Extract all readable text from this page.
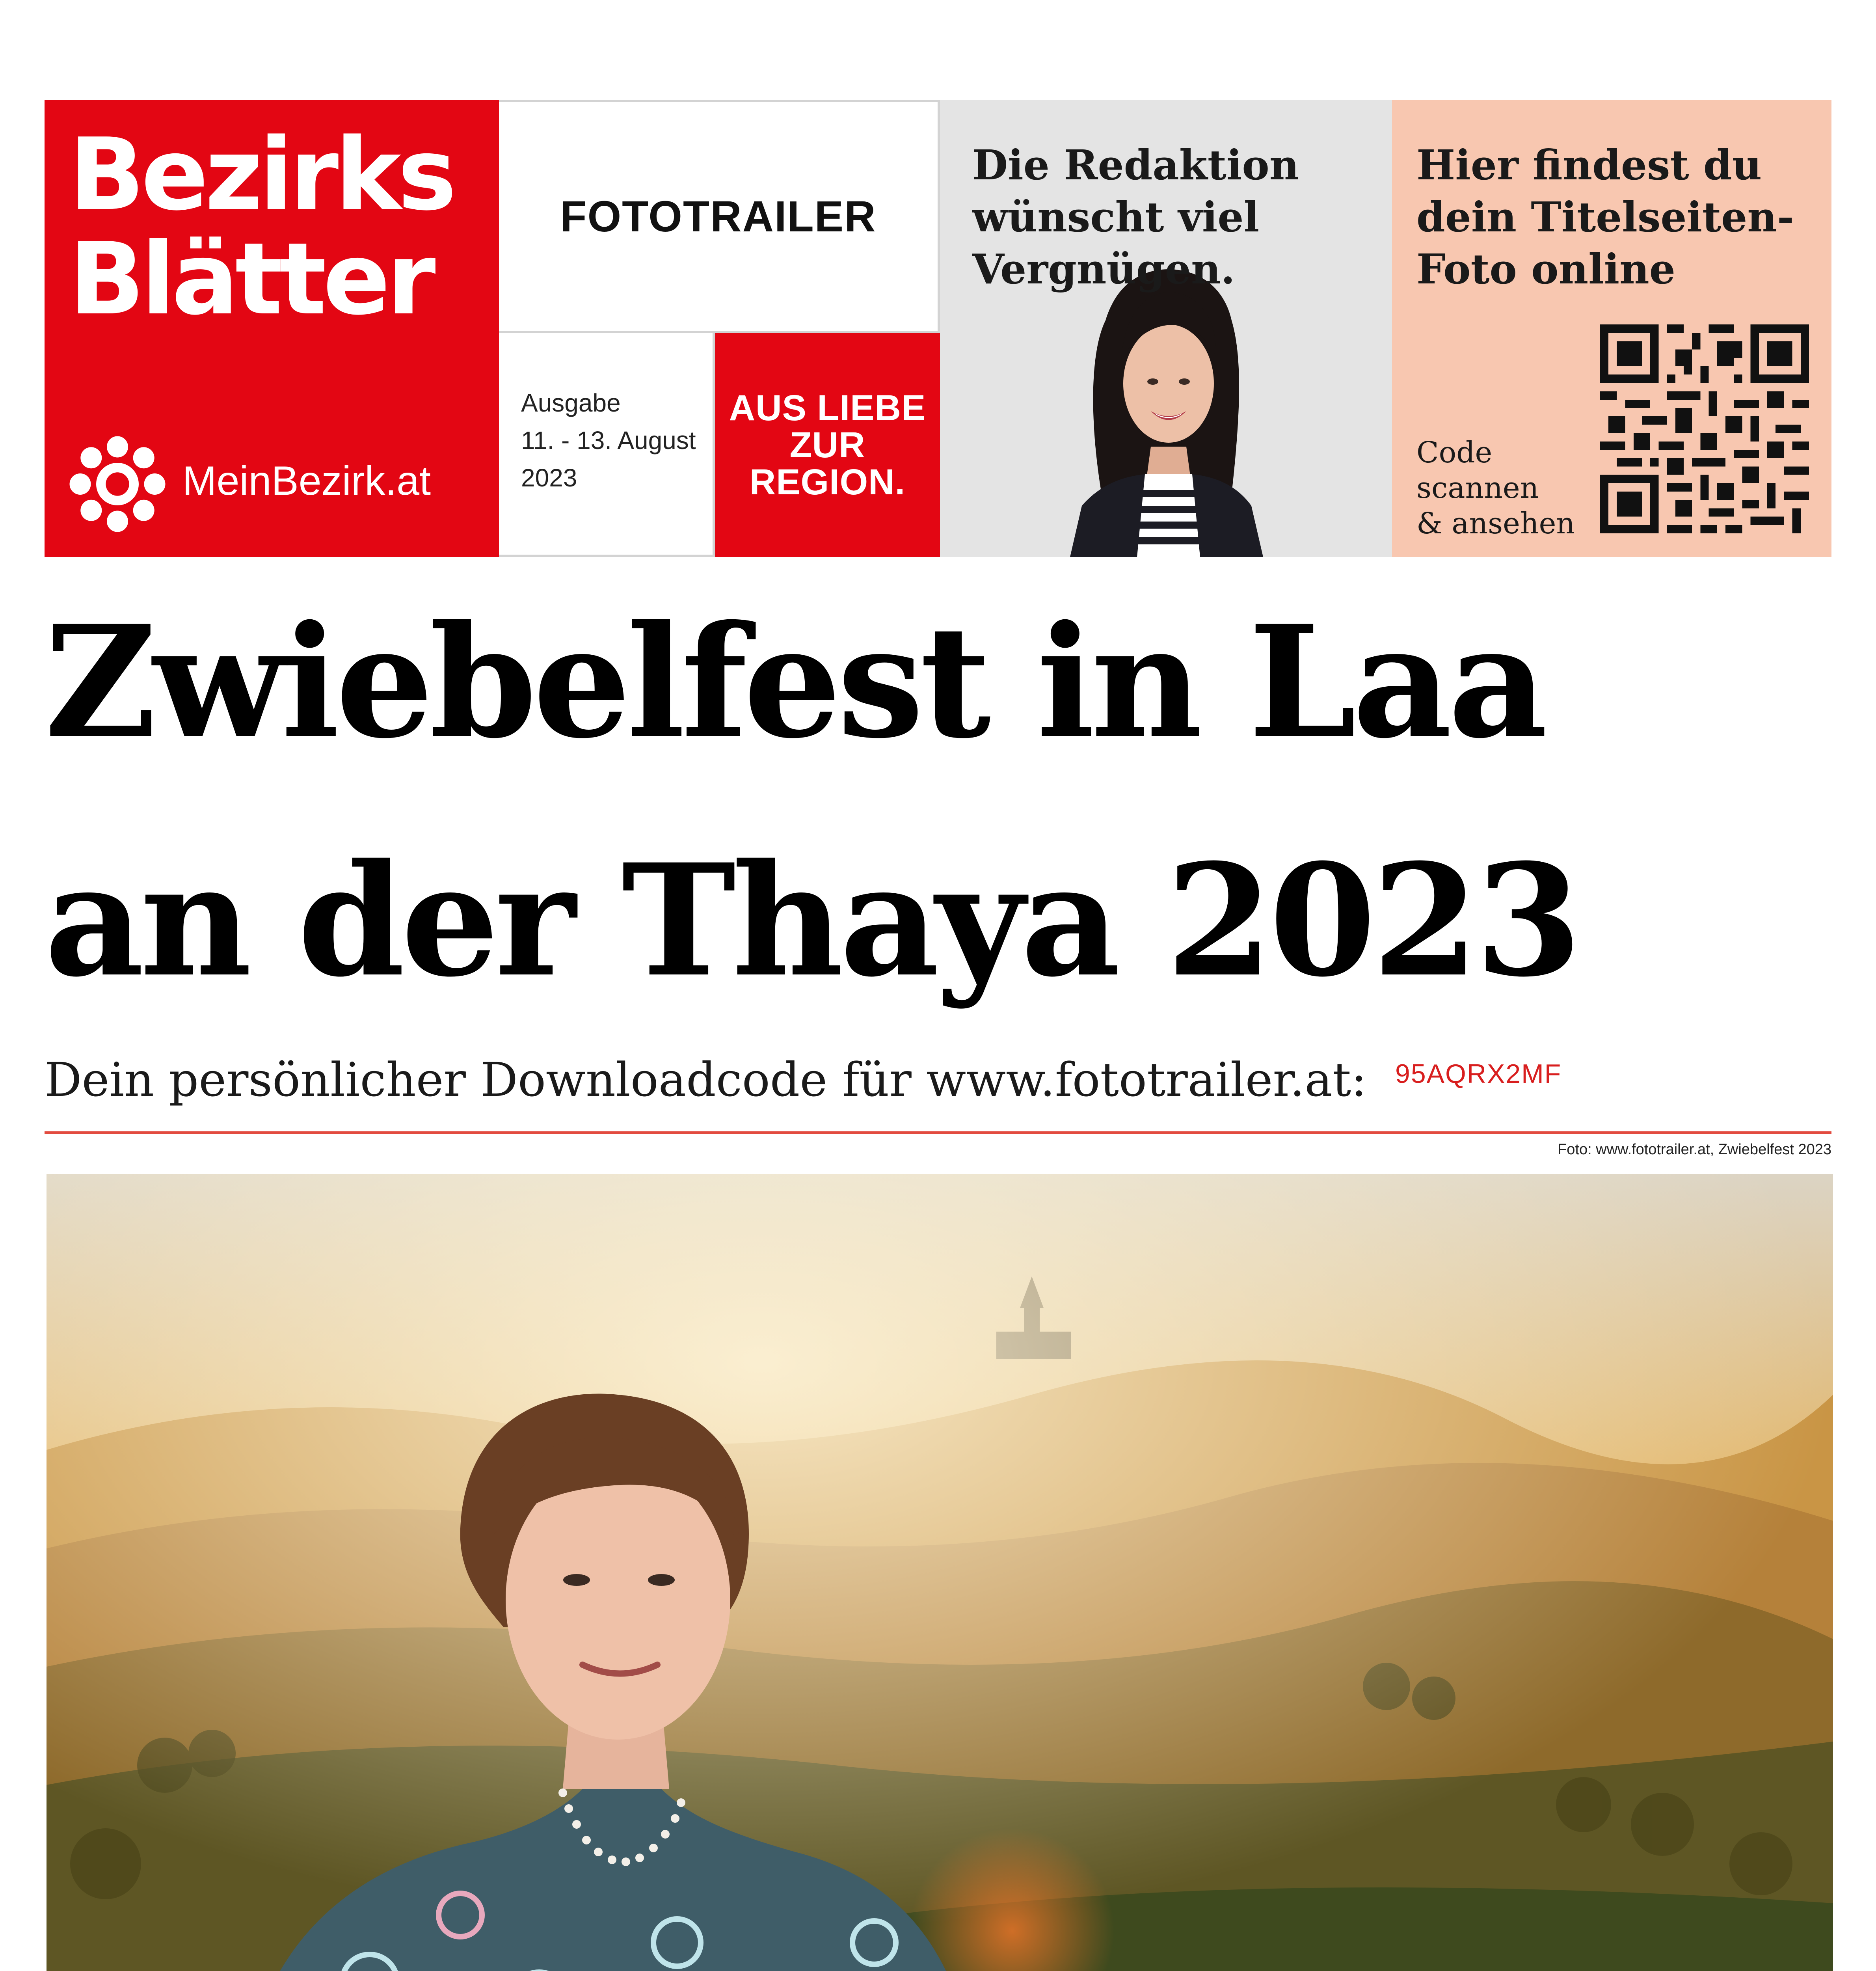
Bezirks
Blätter
MeinBezirk.at
FOTOTRAILER
Ausgabe
11. - 13. August
2023
AUS LIEBE
ZUR
REGION.
Die Redaktion
wünscht viel
Vergnügen.
Hier findest du
dein Titelseiten-
Foto online
Code
scannen
& ansehen
Zwiebelfest in Laa
an der Thaya 2023
Dein persönlicher Downloadcode für www.fototrailer.at: 95AQRX2MF
Foto: www.fototrailer.at, Zwiebelfest 2023
